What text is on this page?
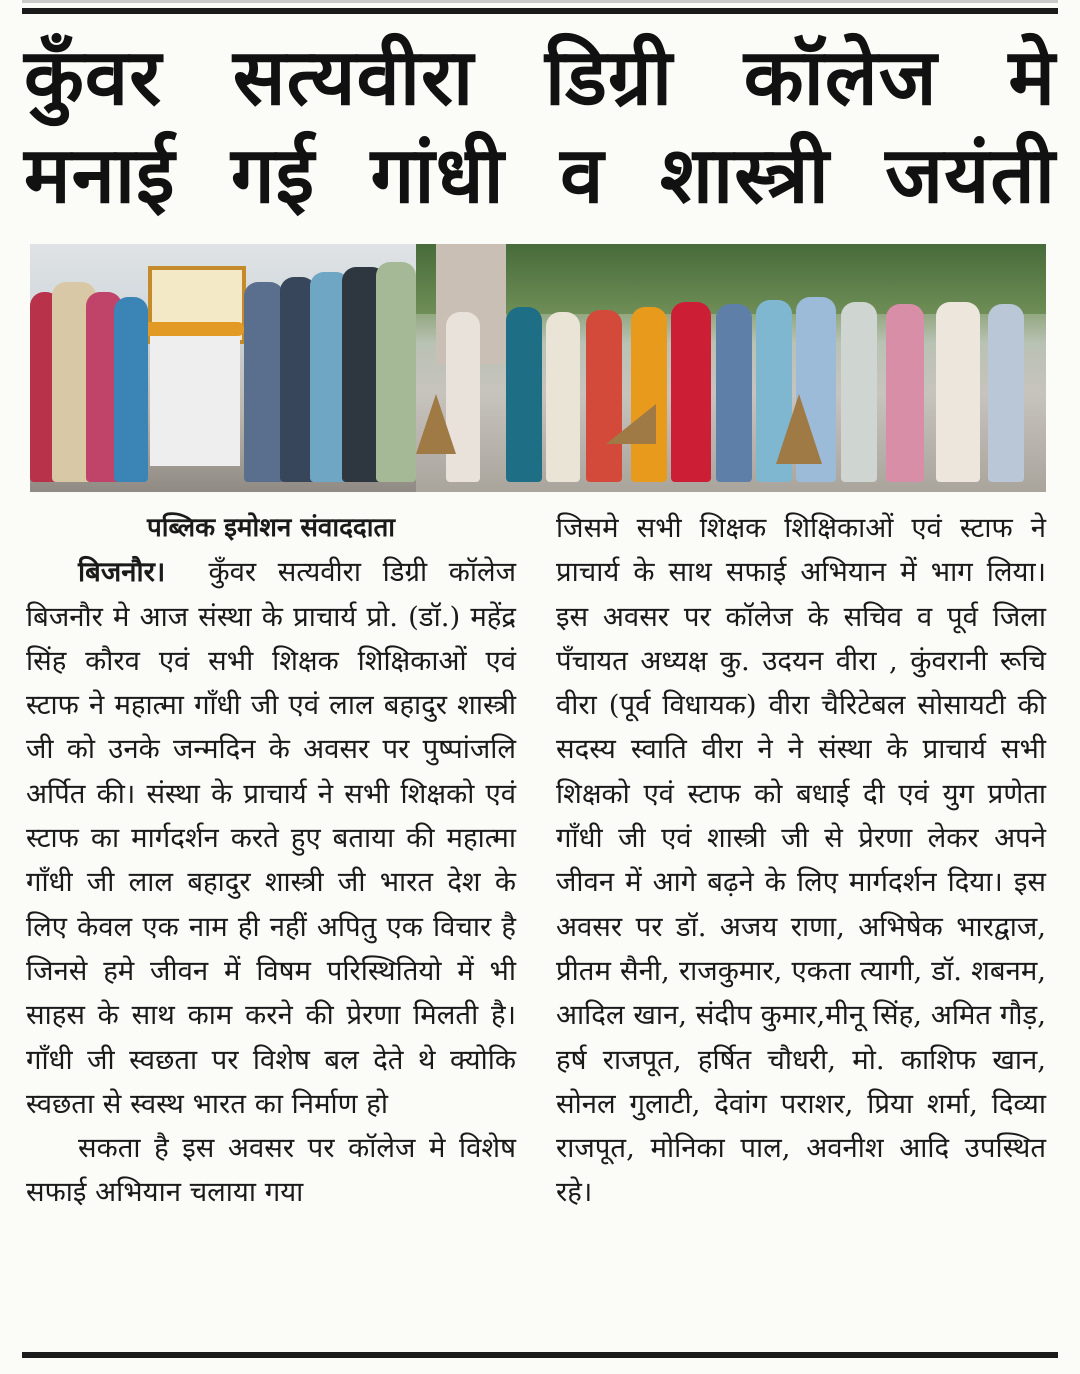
कुँवर सत्यवीरा डिग्री कॉलेज मे
मनाई गई गांधी व शास्त्री जयंती
पब्लिक इमोशन संवाददाता

बिजनौर। कुँवर सत्यवीरा डिग्री कॉलेज बिजनौर मे आज संस्था के प्राचार्य प्रो. (डॉ.) महेंद्र सिंह कौरव एवं सभी शिक्षक शिक्षिकाओं एवं स्टाफ ने महात्मा गाँधी जी एवं लाल बहादुर शास्त्री जी को उनके जन्मदिन के अवसर पर पुष्पांजलि अर्पित की। संस्था के प्राचार्य ने सभी शिक्षको एवं स्टाफ का मार्गदर्शन करते हुए बताया की महात्मा गाँधी जी लाल बहादुर शास्त्री जी भारत देश के लिए केवल एक नाम ही नहीं अपितु एक विचार है जिनसे हमे जीवन में विषम परिस्थितियो में भी साहस के साथ काम करने की प्रेरणा मिलती है। गाँधी जी स्वछता पर विशेष बल देते थे क्योकि स्वछता से स्वस्थ भारत का निर्माण हो

सकता है इस अवसर पर कॉलेज मे विशेष सफाई अभियान चलाया गया

जिसमे सभी शिक्षक शिक्षिकाओं एवं स्टाफ ने प्राचार्य के साथ सफाई अभियान में भाग लिया। इस अवसर पर कॉलेज के सचिव व पूर्व जिला पँचायत अध्यक्ष कु. उदयन वीरा , कुंवरानी रूचि वीरा (पूर्व विधायक) वीरा चैरिटेबल सोसायटी की सदस्य स्वाति वीरा ने ने संस्था के प्राचार्य सभी शिक्षको एवं स्टाफ को बधाई दी एवं युग प्रणेता गाँधी जी एवं शास्त्री जी से प्रेरणा लेकर अपने जीवन में आगे बढ़ने के लिए मार्गदर्शन दिया। इस अवसर पर डॉ. अजय राणा, अभिषेक भारद्वाज, प्रीतम सैनी, राजकुमार, एकता त्यागी, डॉ. शबनम, आदिल खान, संदीप कुमार,मीनू सिंह, अमित गौड़, हर्ष राजपूत, हर्षित चौधरी, मो. काशिफ खान, सोनल गुलाटी, देवांग पराशर, प्रिया शर्मा, दिव्या राजपूत, मोनिका पाल, अवनीश आदि उपस्थित रहे।
